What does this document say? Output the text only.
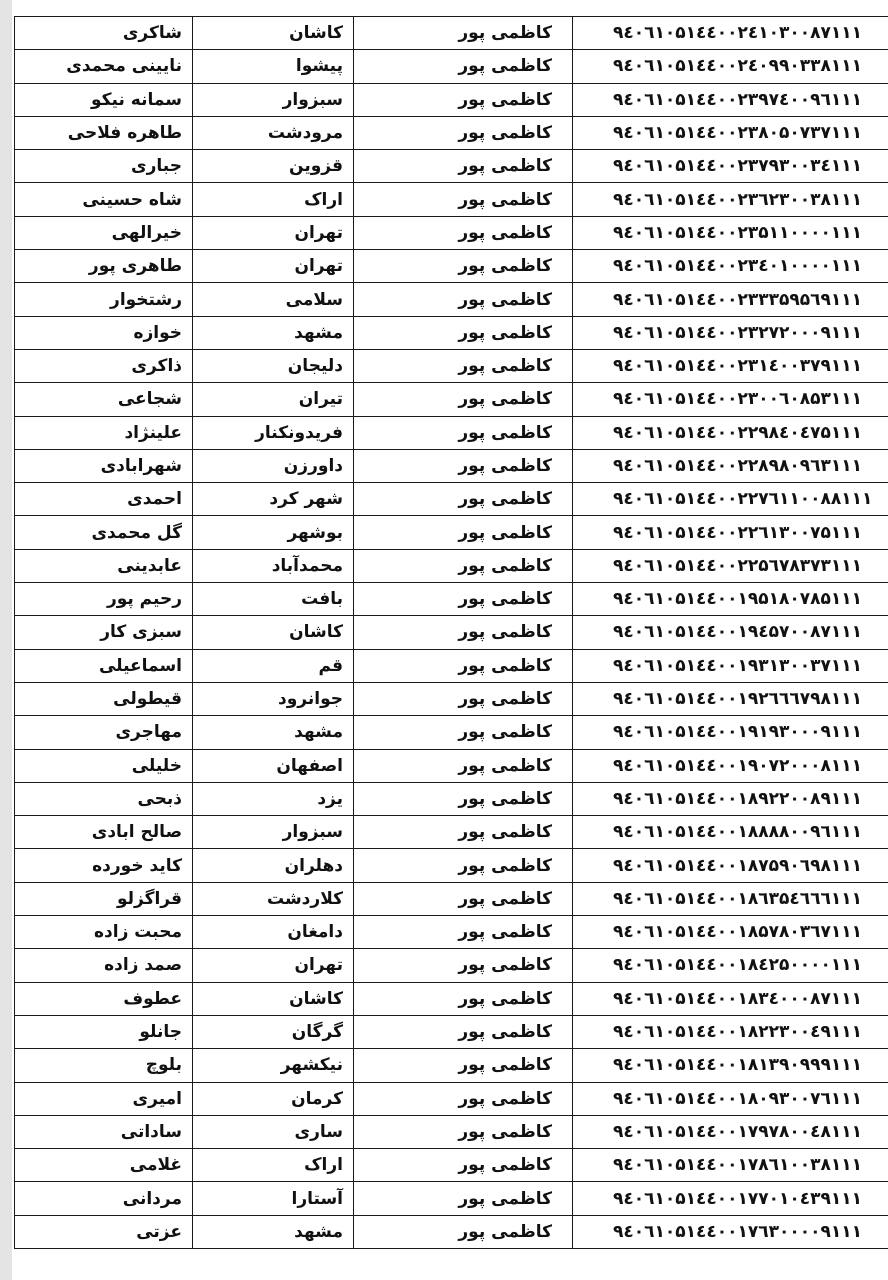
شاکری	کاشان	کاظمی پور	۹٤۰٦۱۰۵۱٤٤۰۰۲٤۱۰۳۰۰۸۷۱۱۱
نایینی محمدی	پیشوا	کاظمی پور	۹٤۰٦۱۰۵۱٤٤۰۰۲٤۰۹۹۰۳۳۸۱۱۱
سمانه نیکو	سبزوار	کاظمی پور	۹٤۰٦۱۰۵۱٤٤۰۰۲۳۹۷٤۰۰۹٦۱۱۱
طاهره فلاحی	مرودشت	کاظمی پور	۹٤۰٦۱۰۵۱٤٤۰۰۲۳۸۰۵۰۷۳۷۱۱۱
جباری	قزوین	کاظمی پور	۹٤۰٦۱۰۵۱٤٤۰۰۲۳۷۹۳۰۰۳٤۱۱۱
شاه حسینی	اراک	کاظمی پور	۹٤۰٦۱۰۵۱٤٤۰۰۲۳٦۲۳۰۰۳۸۱۱۱
خیرالهی	تهران	کاظمی پور	۹٤۰٦۱۰۵۱٤٤۰۰۲۳۵۱۱۰۰۰۰۱۱۱
طاهری پور	تهران	کاظمی پور	۹٤۰٦۱۰۵۱٤٤۰۰۲۳٤۰۱۰۰۰۰۱۱۱
رشتخوار	سلامی	کاظمی پور	۹٤۰٦۱۰۵۱٤٤۰۰۲۳۳۳۵۹۵٦۹۱۱۱
خوازه	مشهد	کاظمی پور	۹٤۰٦۱۰۵۱٤٤۰۰۲۳۲۷۲۰۰۰۹۱۱۱
ذاکری	دلیجان	کاظمی پور	۹٤۰٦۱۰۵۱٤٤۰۰۲۳۱٤۰۰۳۷۹۱۱۱
شجاعی	تیران	کاظمی پور	۹٤۰٦۱۰۵۱٤٤۰۰۲۳۰۰٦۰۸۵۳۱۱۱
علینژاد	فریدونکنار	کاظمی پور	۹٤۰٦۱۰۵۱٤٤۰۰۲۲۹۸٤۰٤۷۵۱۱۱
شهرابادی	داورزن	کاظمی پور	۹٤۰٦۱۰۵۱٤٤۰۰۲۲۸۹۸۰۹٦۳۱۱۱
احمدی	شهر کرد	کاظمی پور	۹٤۰٦۱۰۵۱٤٤۰۰۲۲۷٦۱۱۰۰۸۸۱۱۱
گل محمدی	بوشهر	کاظمی پور	۹٤۰٦۱۰۵۱٤٤۰۰۲۲٦۱۳۰۰۷۵۱۱۱
عابدینی	محمدآباد	کاظمی پور	۹٤۰٦۱۰۵۱٤٤۰۰۲۲۵٦۷۸۳۷۳۱۱۱
رحیم پور	بافت	کاظمی پور	۹٤۰٦۱۰۵۱٤٤۰۰۱۹۵۱۸۰۷۸۵۱۱۱
سبزی کار	کاشان	کاظمی پور	۹٤۰٦۱۰۵۱٤٤۰۰۱۹٤۵۷۰۰۸۷۱۱۱
اسماعیلی	قم	کاظمی پور	۹٤۰٦۱۰۵۱٤٤۰۰۱۹۳۱۳۰۰۳۷۱۱۱
قیطولی	جوانرود	کاظمی پور	۹٤۰٦۱۰۵۱٤٤۰۰۱۹۲٦٦٦۷۹۸۱۱۱
مهاجری	مشهد	کاظمی پور	۹٤۰٦۱۰۵۱٤٤۰۰۱۹۱۹۳۰۰۰۹۱۱۱
خلیلی	اصفهان	کاظمی پور	۹٤۰٦۱۰۵۱٤٤۰۰۱۹۰۷۲۰۰۰۸۱۱۱
ذبحی	یزد	کاظمی پور	۹٤۰٦۱۰۵۱٤٤۰۰۱۸۹۲۲۰۰۸۹۱۱۱
صالح ابادی	سبزوار	کاظمی پور	۹٤۰٦۱۰۵۱٤٤۰۰۱۸۸۸۸۰۰۹٦۱۱۱
کاید خورده	دهلران	کاظمی پور	۹٤۰٦۱۰۵۱٤٤۰۰۱۸۷۵۹۰٦۹۸۱۱۱
قراگزلو	کلاردشت	کاظمی پور	۹٤۰٦۱۰۵۱٤٤۰۰۱۸٦۳۵٤٦٦٦۱۱۱
محبت زاده	دامغان	کاظمی پور	۹٤۰٦۱۰۵۱٤٤۰۰۱۸۵۷۸۰۳٦۷۱۱۱
صمد زاده	تهران	کاظمی پور	۹٤۰٦۱۰۵۱٤٤۰۰۱۸٤۲۵۰۰۰۰۱۱۱
عطوف	کاشان	کاظمی پور	۹٤۰٦۱۰۵۱٤٤۰۰۱۸۳٤۰۰۰۸۷۱۱۱
جانلو	گرگان	کاظمی پور	۹٤۰٦۱۰۵۱٤٤۰۰۱۸۲۲۳۰۰٤۹۱۱۱
بلوچ	نیکشهر	کاظمی پور	۹٤۰٦۱۰۵۱٤٤۰۰۱۸۱۳۹۰۹۹۹۱۱۱
امیری	کرمان	کاظمی پور	۹٤۰٦۱۰۵۱٤٤۰۰۱۸۰۹۳۰۰۷٦۱۱۱
ساداتی	ساری	کاظمی پور	۹٤۰٦۱۰۵۱٤٤۰۰۱۷۹۷۸۰۰٤۸۱۱۱
غلامی	اراک	کاظمی پور	۹٤۰٦۱۰۵۱٤٤۰۰۱۷۸٦۱۰۰۳۸۱۱۱
مردانی	آستارا	کاظمی پور	۹٤۰٦۱۰۵۱٤٤۰۰۱۷۷۰۱۰٤۳۹۱۱۱
عزتی	مشهد	کاظمی پور	۹٤۰٦۱۰۵۱٤٤۰۰۱۷٦۳۰۰۰۰۹۱۱۱
